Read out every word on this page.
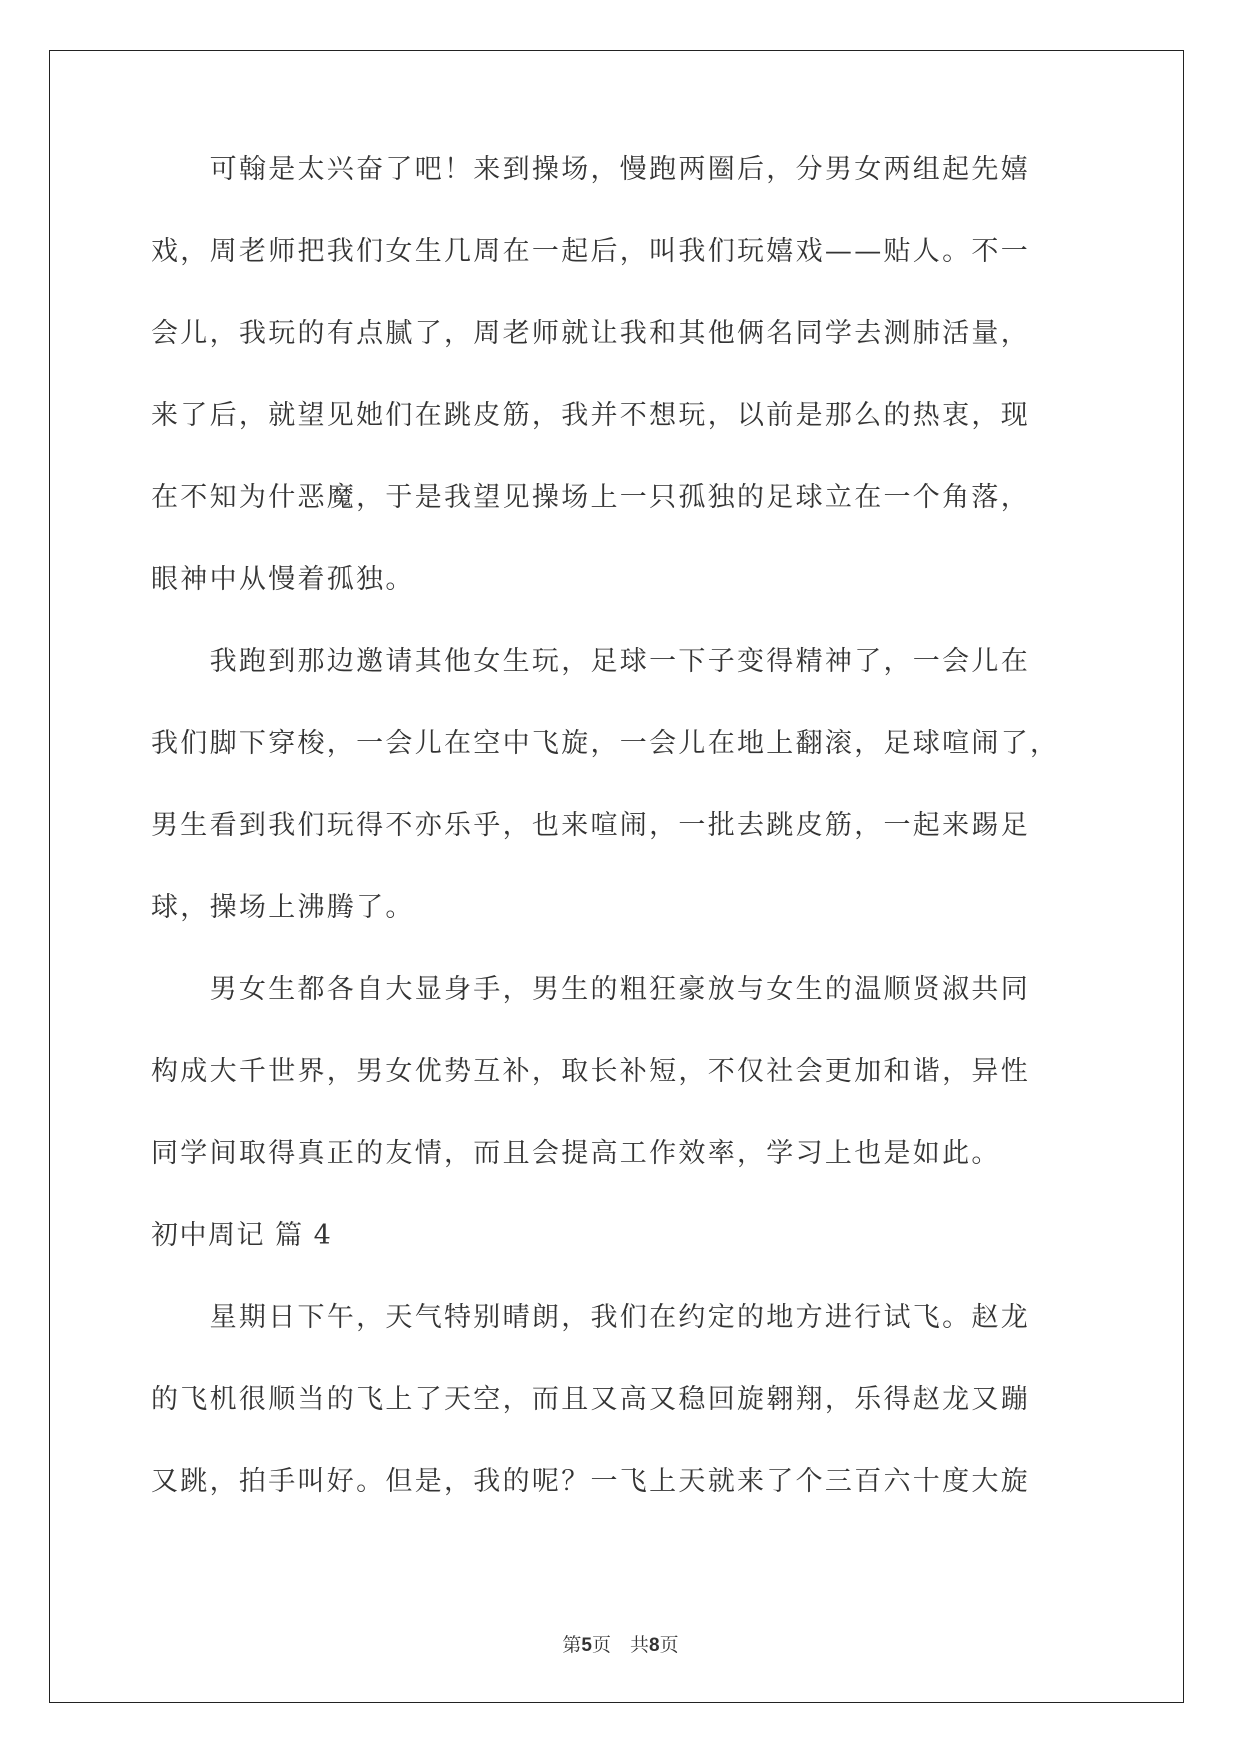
　　可翰是太兴奋了吧！来到操场，慢跑两圈后，分男女两组起先嬉

戏，周老师把我们女生几周在一起后，叫我们玩嬉戏——贴人。不一

会儿，我玩的有点腻了，周老师就让我和其他俩名同学去测肺活量，

来了后，就望见她们在跳皮筋，我并不想玩，以前是那么的热衷，现

在不知为什恶魔，于是我望见操场上一只孤独的足球立在一个角落，

眼神中从慢着孤独。

　　我跑到那边邀请其他女生玩，足球一下子变得精神了，一会儿在

我们脚下穿梭，一会儿在空中飞旋，一会儿在地上翻滚，足球喧闹了，

男生看到我们玩得不亦乐乎，也来喧闹，一批去跳皮筋，一起来踢足

球，操场上沸腾了。

　　男女生都各自大显身手，男生的粗狂豪放与女生的温顺贤淑共同

构成大千世界，男女优势互补，取长补短，不仅社会更加和谐，异性

同学间取得真正的友情，而且会提高工作效率，学习上也是如此。

初中周记 篇 4

　　星期日下午，天气特别晴朗，我们在约定的地方进行试飞。赵龙

的飞机很顺当的飞上了天空，而且又高又稳回旋翱翔，乐得赵龙又蹦

又跳，拍手叫好。但是，我的呢？一飞上天就来了个三百六十度大旋

第5页　共8页
